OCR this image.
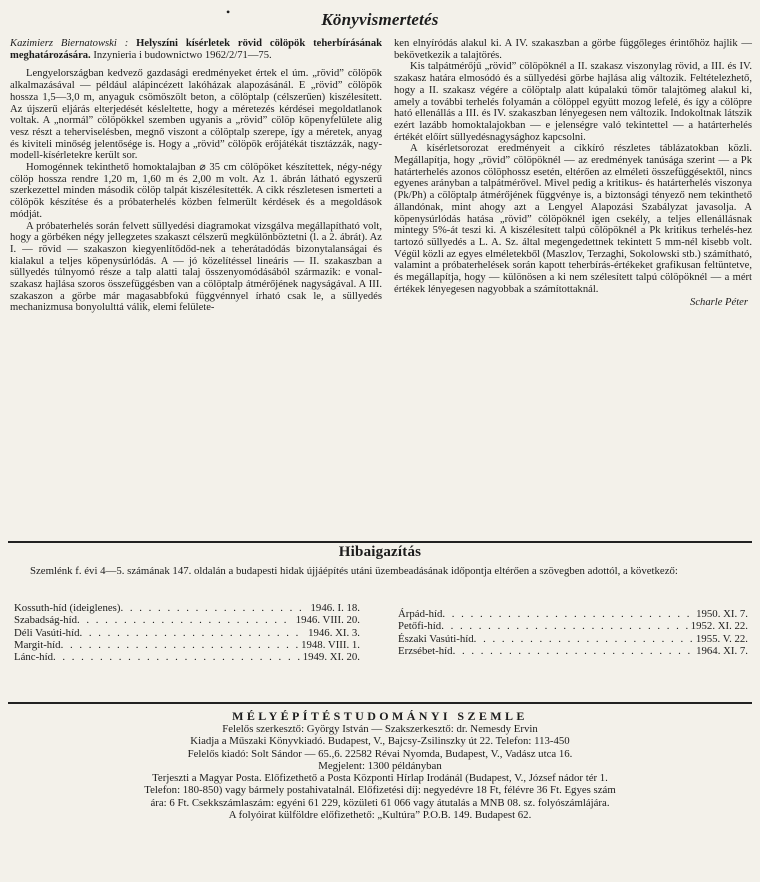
•	Könyvismertetés

Kazimierz Biernatowski : Helyszíni kísérletek rövid cölöpök teherbírásának meghatározására. Inzynieria i budownictwo 1962/2/71—75.

Lengyelországban kedvező gazdasági eredményeket értek el úm. „rövid” cölöpök alkalmazásával — például alápincézett lakóházak alapozásánál. E „rövid” cölöpök hossza 1,5—3,0 m, anyaguk csömöszölt beton, a cölöptalp (célszerűen) kiszélesített. Az újszerű eljárás elterjedését késleltette, hogy a méretezés kérdései megoldatlanok voltak. A „normál” cölöpökkel szemben ugyanis a „rövid” cölöp köpenyfelülete alig vesz részt a teherviselésben, megnő viszont a cölöptalp szerepe, így a méretek, anyag és kiviteli minőség jelentősége is. Hogy a „rövid” cölöpök erőjátékát tisztázzák, nagy-modell-kísérletekre került sor.

Homogénnek tekinthető homoktalajban ⌀ 35 cm cölöpöket készítettek, négy-négy cölöp hossza rendre 1,20 m, 1,60 m és 2,00 m volt. Az 1. ábrán látható egyszerű szerkezettel minden második cölöp talpát kiszélesítették. A cikk részletesen ismerteti a cölöpök készítése és a próbaterhelés közben felmerült kérdések és a megoldások módját.

A próbaterhelés során felvett süllyedési diagramokat vizsgálva megállapítható volt, hogy a görbéken négy jellegzetes szakaszt célszerű megkülönböztetni (l. a 2. ábrát). Az I. — rövid — szakaszon kiegyenlítődőd-nek a teherátadódás bizonytalanságai és kialakul a teljes köpenysúrlódás. A — jó közelítéssel lineáris — II. szakaszban a süllyedés túlnyomó része a talp alatti talaj összenyomódásából származik: e vonal-szakasz hajlása szoros összefüggésben van a cölöptalp átmérőjének nagyságával. A III. szakaszon a görbe már magasabbfokú függvénnyel írható csak le, a süllyedés mechanizmusa bonyolulttá válik, elemi felülete-

ken elnyíródás alakul ki. A IV. szakaszban a görbe függőleges érintőhöz hajlik — bekövetkezik a talajtörés.

Kis talpátmérőjű „rövid” cölöpöknél a II. szakasz viszonylag rövid, a III. és IV. szakasz határa elmosódó és a süllyedési görbe hajlása alig változik. Feltételezhető, hogy a II. szakasz végére a cölöptalp alatt kúpalakú tömör talajtömeg alakul ki, amely a további terhelés folyamán a cölöppel együtt mozog lefelé, és így a cölöpre ható ellenállás a III. és IV. szakaszban lényegesen nem változik. Indokoltnak látszik ezért lazább homoktalajokban — e jelenségre való tekintettel — a határterhelés értékét előírt süllyedésnagysághoz kapcsolni.

A kísérletsorozat eredményeit a cikkíró részletes táblázatokban közli. Megállapítja, hogy „rövid” cölöpöknél — az eredmények tanúsága szerint — a Pk határterhelés azonos cölöphossz esetén, eltérően az elméleti összefüggésektől, nincs egyenes arányban a talpátmérővel. Mivel pedig a kritikus- és határterhelés viszonya (Pk/Ph) a cölöptalp átmérőjének függvénye is, a biztonsági tényező nem tekinthető állandónak, mint ahogy azt a Lengyel Alapozási Szabályzat javasolja. A köpenysúrlódás hatása „rövid” cölöpöknél igen csekély, a teljes ellenállásnak mintegy 5%-át teszi ki. A kiszélesített talpú cölöpöknél a Pk kritikus terhelés-hez tartozó süllyedés a L. A. Sz. által megengedettnek tekintett 5 mm-nél kisebb volt. Végül közli az egyes elméletekből (Maszlov, Terzaghi, Sokolowski stb.) számítható, valamint a próbaterhelések során kapott teherbírás-értékeket grafikusan feltüntetve, és megállapítja, hogy — különösen a ki nem szélesített talpú cölöpöknél — a mért értékek lényegesen nagyobbak a számítottaknál.

Scharle Péter

Hibaigazítás
Szemlénk f. évi 4—5. számának 147. oldalán a budapesti hidak újjáépítés utáni üzembeadásának időpontja eltérően a szövegben adottól, a következő:
Kossuth-híd (ideiglenes) . . .	1946. I. 18.
Szabadság-híd . . .	1946. VIII. 20.
Déli Vasúti-híd . . .	1946. XI. 3.
Margit-híd . . .	1948. VIII. 1.
Lánc-híd . . .	1949. XI. 20.
Árpád-híd . . .	1950. XI. 7.
Petőfi-híd . . .	1952. XI. 22.
Északi Vasúti-híd . . .	1955. V. 22.
Erzsébet-híd . . .	1964. XI. 7.
MÉLYÉPÍTÉSTUDOMÁNYI SZEMLE
Felelős szerkesztő: György István — Szakszerkesztő: dr. Nemesdy Ervin
Kiadja a Műszaki Könyvkiadó. Budapest, V., Bajcsy-Zsilinszky út 22. Telefon: 113-450
Felelős kiadó: Solt Sándor — 65.,6. 22582 Révai Nyomda, Budapest, V., Vadász utca 16.
Megjelent: 1300 példányban
Terjeszti a Magyar Posta. Előfizethető a Posta Központi Hírlap Irodánál (Budapest, V., József nádor tér 1.
Telefon: 180-850) vagy bármely postahivatalnál. Előfizetési díj: negyedévre 18 Ft, félévre 36 Ft. Egyes szám
ára: 6 Ft. Csekkszámlaszám: egyéni 61 229, közületi 61 066 vagy átutalás a MNB 08. sz. folyószámlájára.
A folyóirat külföldre előfizethető: „Kultúra” P.O.B. 149. Budapest 62.
